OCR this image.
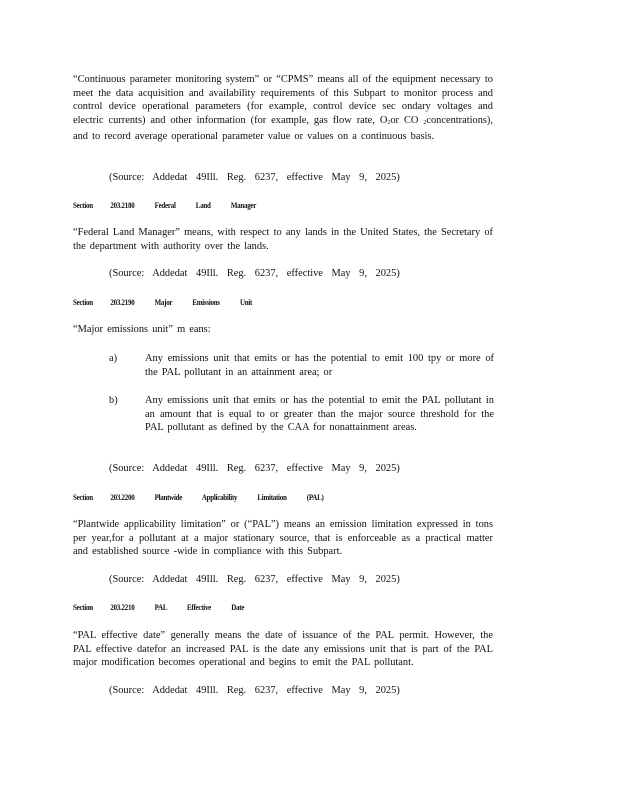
“Continuous parameter monitoring system” or “CPMS” means all of the equipment necessary to meet the data acquisition and availability requirements of this Subpart to monitor process and control device operational parameters (for example, control device sec ondary voltages and electric currents) and other information (for example, gas flow rate, $O_2or$ CO $_2$concentrations), and to record average operational parameter value or values on a continuous basis.
(Source: Addedat 49Ill. Reg. 6237, effective May 9, 2025)
Section 203.2180 Federal Land Manager
“Federal Land Manager” means, with respect to any lands in the United States, the Secretary of the department with authority over the lands.
(Source: Addedat 49Ill. Reg. 6237, effective May 9, 2025)
Section 203.2190 Major Emissions Unit
“Major emissions unit” m eans:
a)	Any emissions unit that emits or has the potential to emit 100 tpy or more of the PAL pollutant in an attainment area; or
b)	Any emissions unit that emits or has the potential to emit the PAL pollutant in an amount that is equal to or greater than the major source threshold for the PAL pollutant as defined by the CAA for nonattainment areas.
(Source: Addedat 49Ill. Reg. 6237, effective May 9, 2025)
Section 203.2200 Plantwide Applicability Limitation (PAL)
“Plantwide applicability limitation” or (“PAL”) means an emission limitation expressed in tons per year,for a pollutant at a major stationary source, that is enforceable as a practical matter and established source -wide in compliance with this Subpart.
(Source: Addedat 49Ill. Reg. 6237, effective May 9, 2025)
Section 203.2210 PAL Effective Date
“PAL effective date” generally means the date of issuance of the PAL permit. However, the PAL effective datefor an increased PAL is the date any emissions unit that is part of the PAL major modification becomes operational and begins to emit the PAL pollutant.
(Source: Addedat 49Ill. Reg. 6237, effective May 9, 2025)
